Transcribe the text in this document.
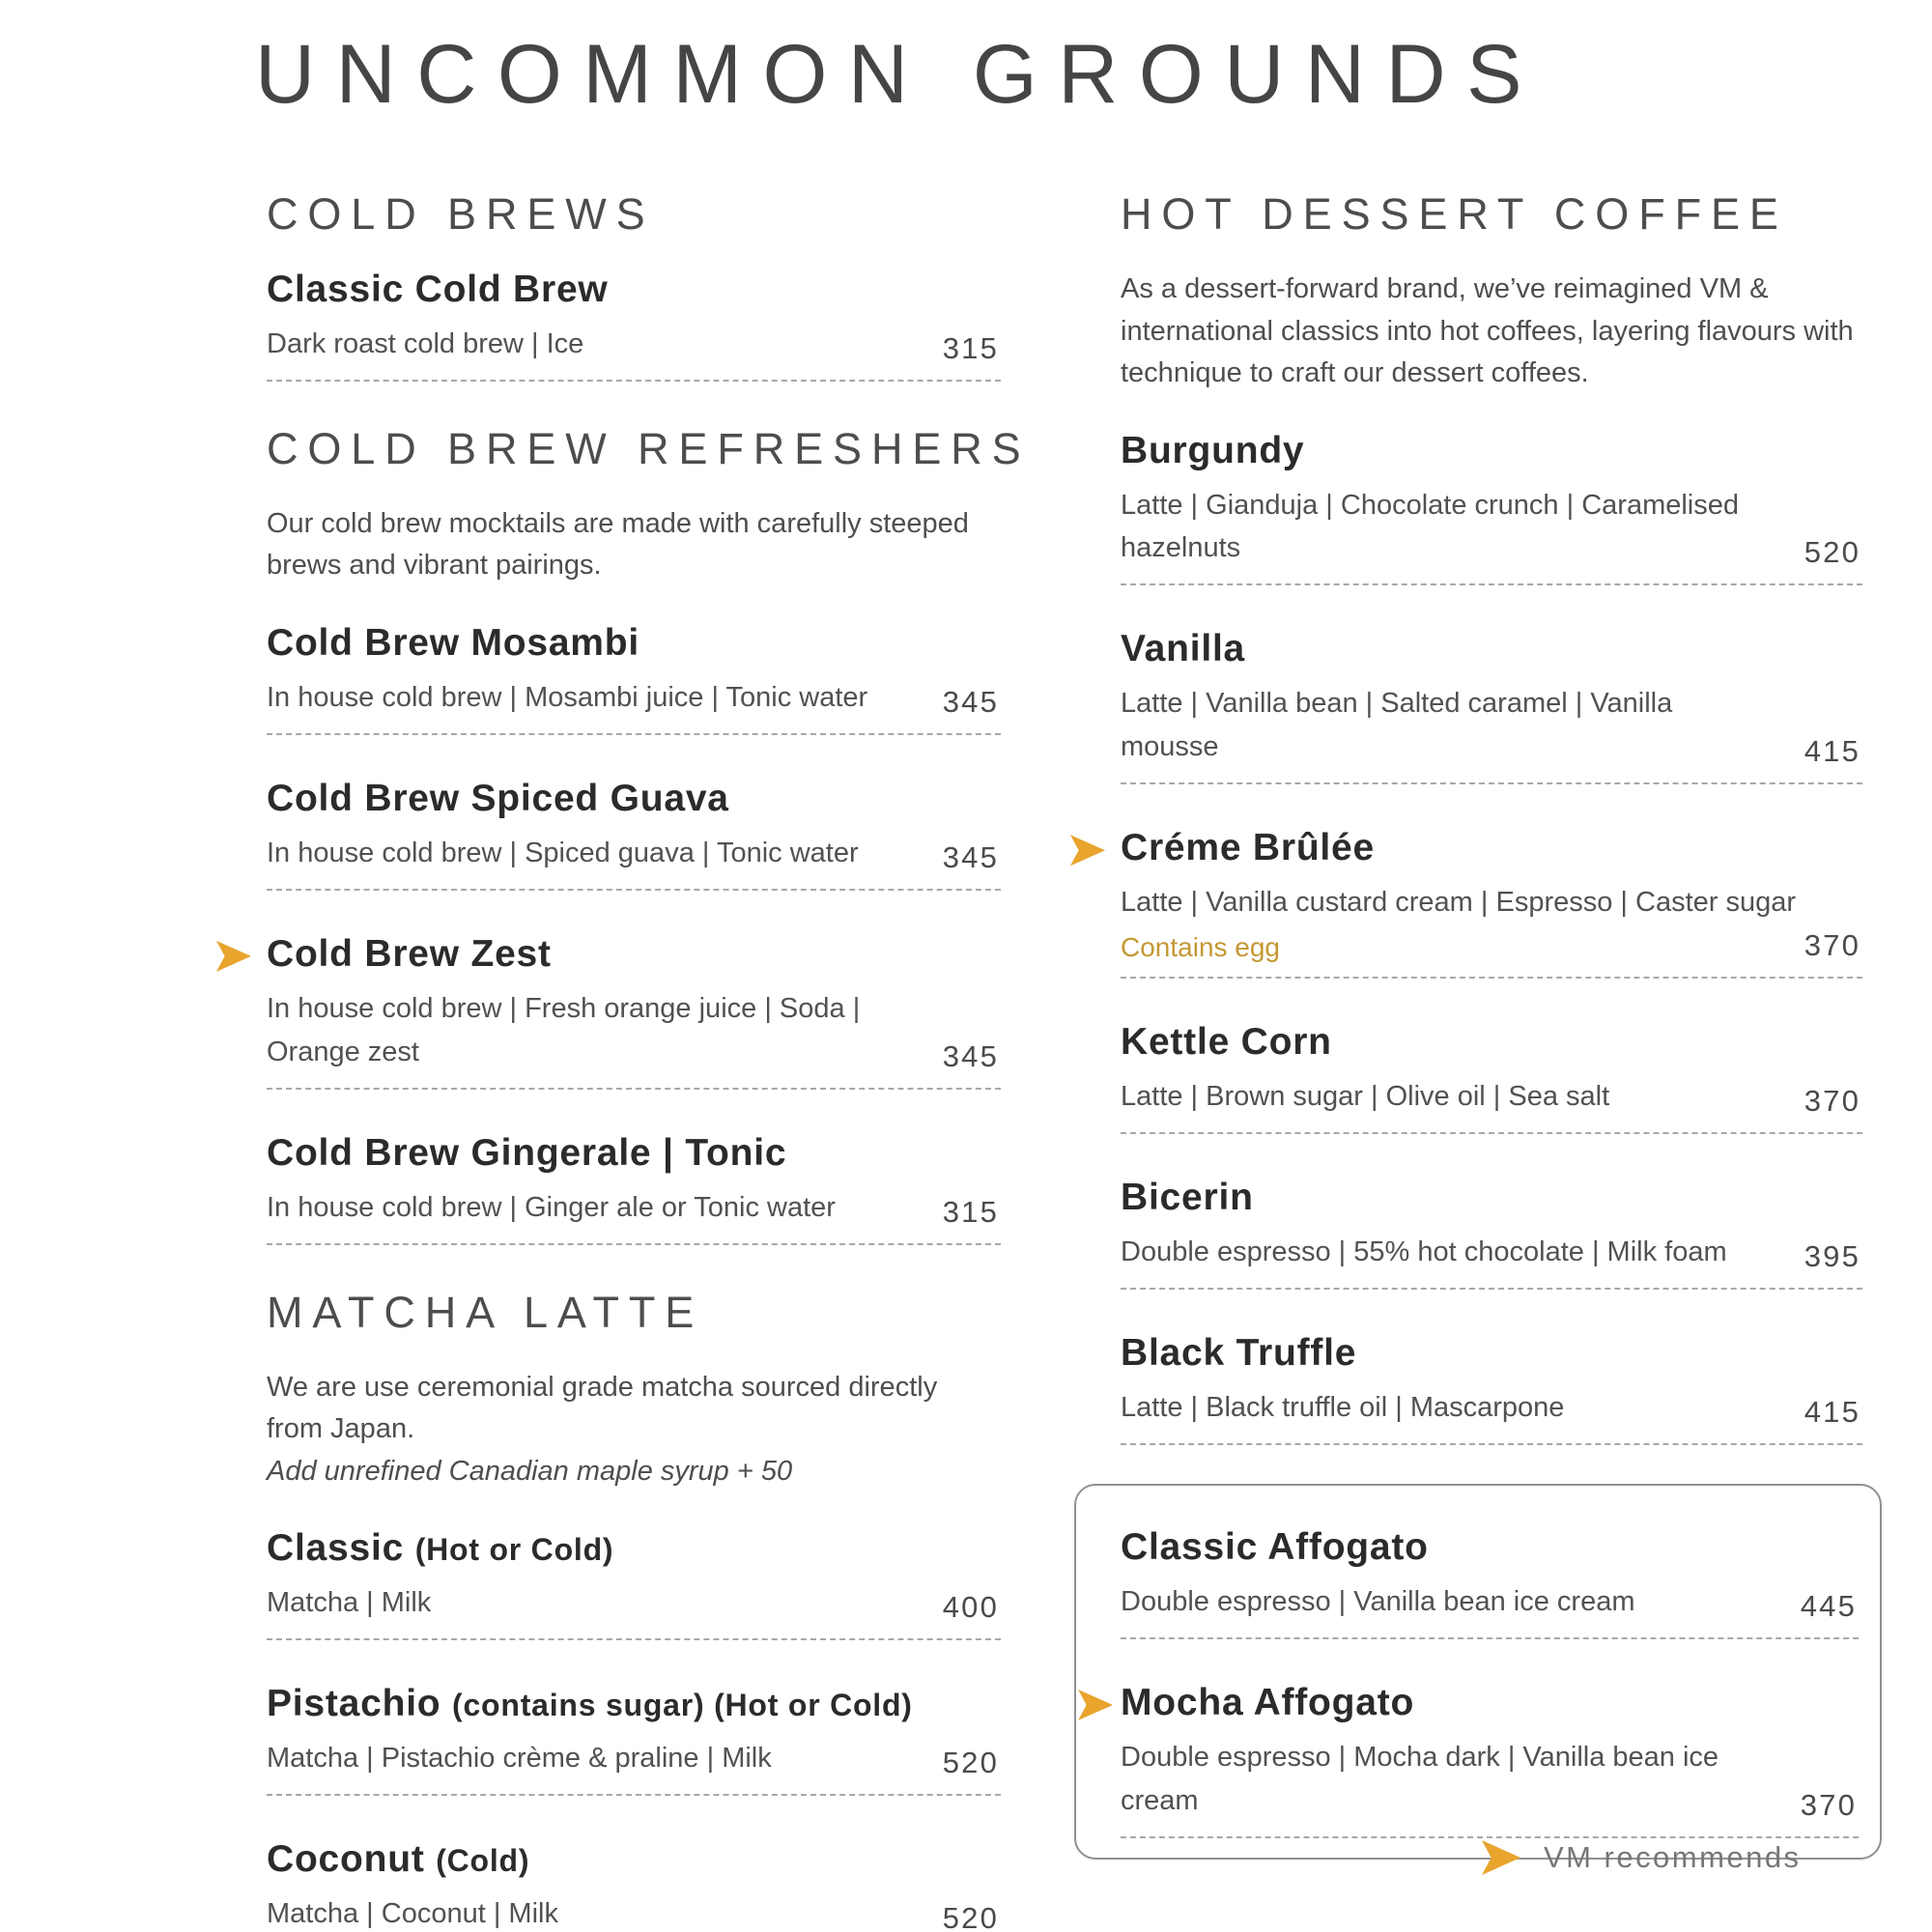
UNCOMMON GROUNDS
COLD BREWS
Classic Cold Brew
Dark roast cold brew | Ice	315
COLD BREW REFRESHERS

Our cold brew mocktails are made with carefully steeped brews and vibrant pairings.

Cold Brew Mosambi
In house cold brew | Mosambi juice | Tonic water	345
Cold Brew Spiced Guava
In house cold brew | Spiced guava | Tonic water	345
Cold Brew Zest
In house cold brew | Fresh orange juice | Soda | Orange zest	345
Cold Brew Gingerale | Tonic
In house cold brew | Ginger ale or Tonic water	315
MATCHA LATTE

We are use ceremonial grade matcha sourced directly from Japan.
Add unrefined Canadian maple syrup + 50

Classic (Hot or Cold)
Matcha | Milk	400
Pistachio (contains sugar) (Hot or Cold)
Matcha | Pistachio crème & praline | Milk	520
Coconut (Cold)
Matcha | Coconut | Milk	520
HOT DESSERT COFFEE

As a dessert-forward brand, we’ve reimagined VM & international classics into hot coffees, layering flavours with technique to craft our dessert coffees.

Burgundy
Latte | Gianduja | Chocolate crunch | Caramelised hazelnuts	520
Vanilla
Latte | Vanilla bean | Salted caramel | Vanilla mousse	415
Créme Brûlée
Latte | Vanilla custard cream | Espresso | Caster sugar
Contains egg	370
Kettle Corn
Latte | Brown sugar | Olive oil | Sea salt	370
Bicerin
Double espresso | 55% hot chocolate | Milk foam	395
Black Truffle
Latte | Black truffle oil | Mascarpone	415
Classic Affogato
Double espresso | Vanilla bean ice cream	445
Mocha Affogato
Double espresso | Mocha dark | Vanilla bean ice cream	370
VM recommends
